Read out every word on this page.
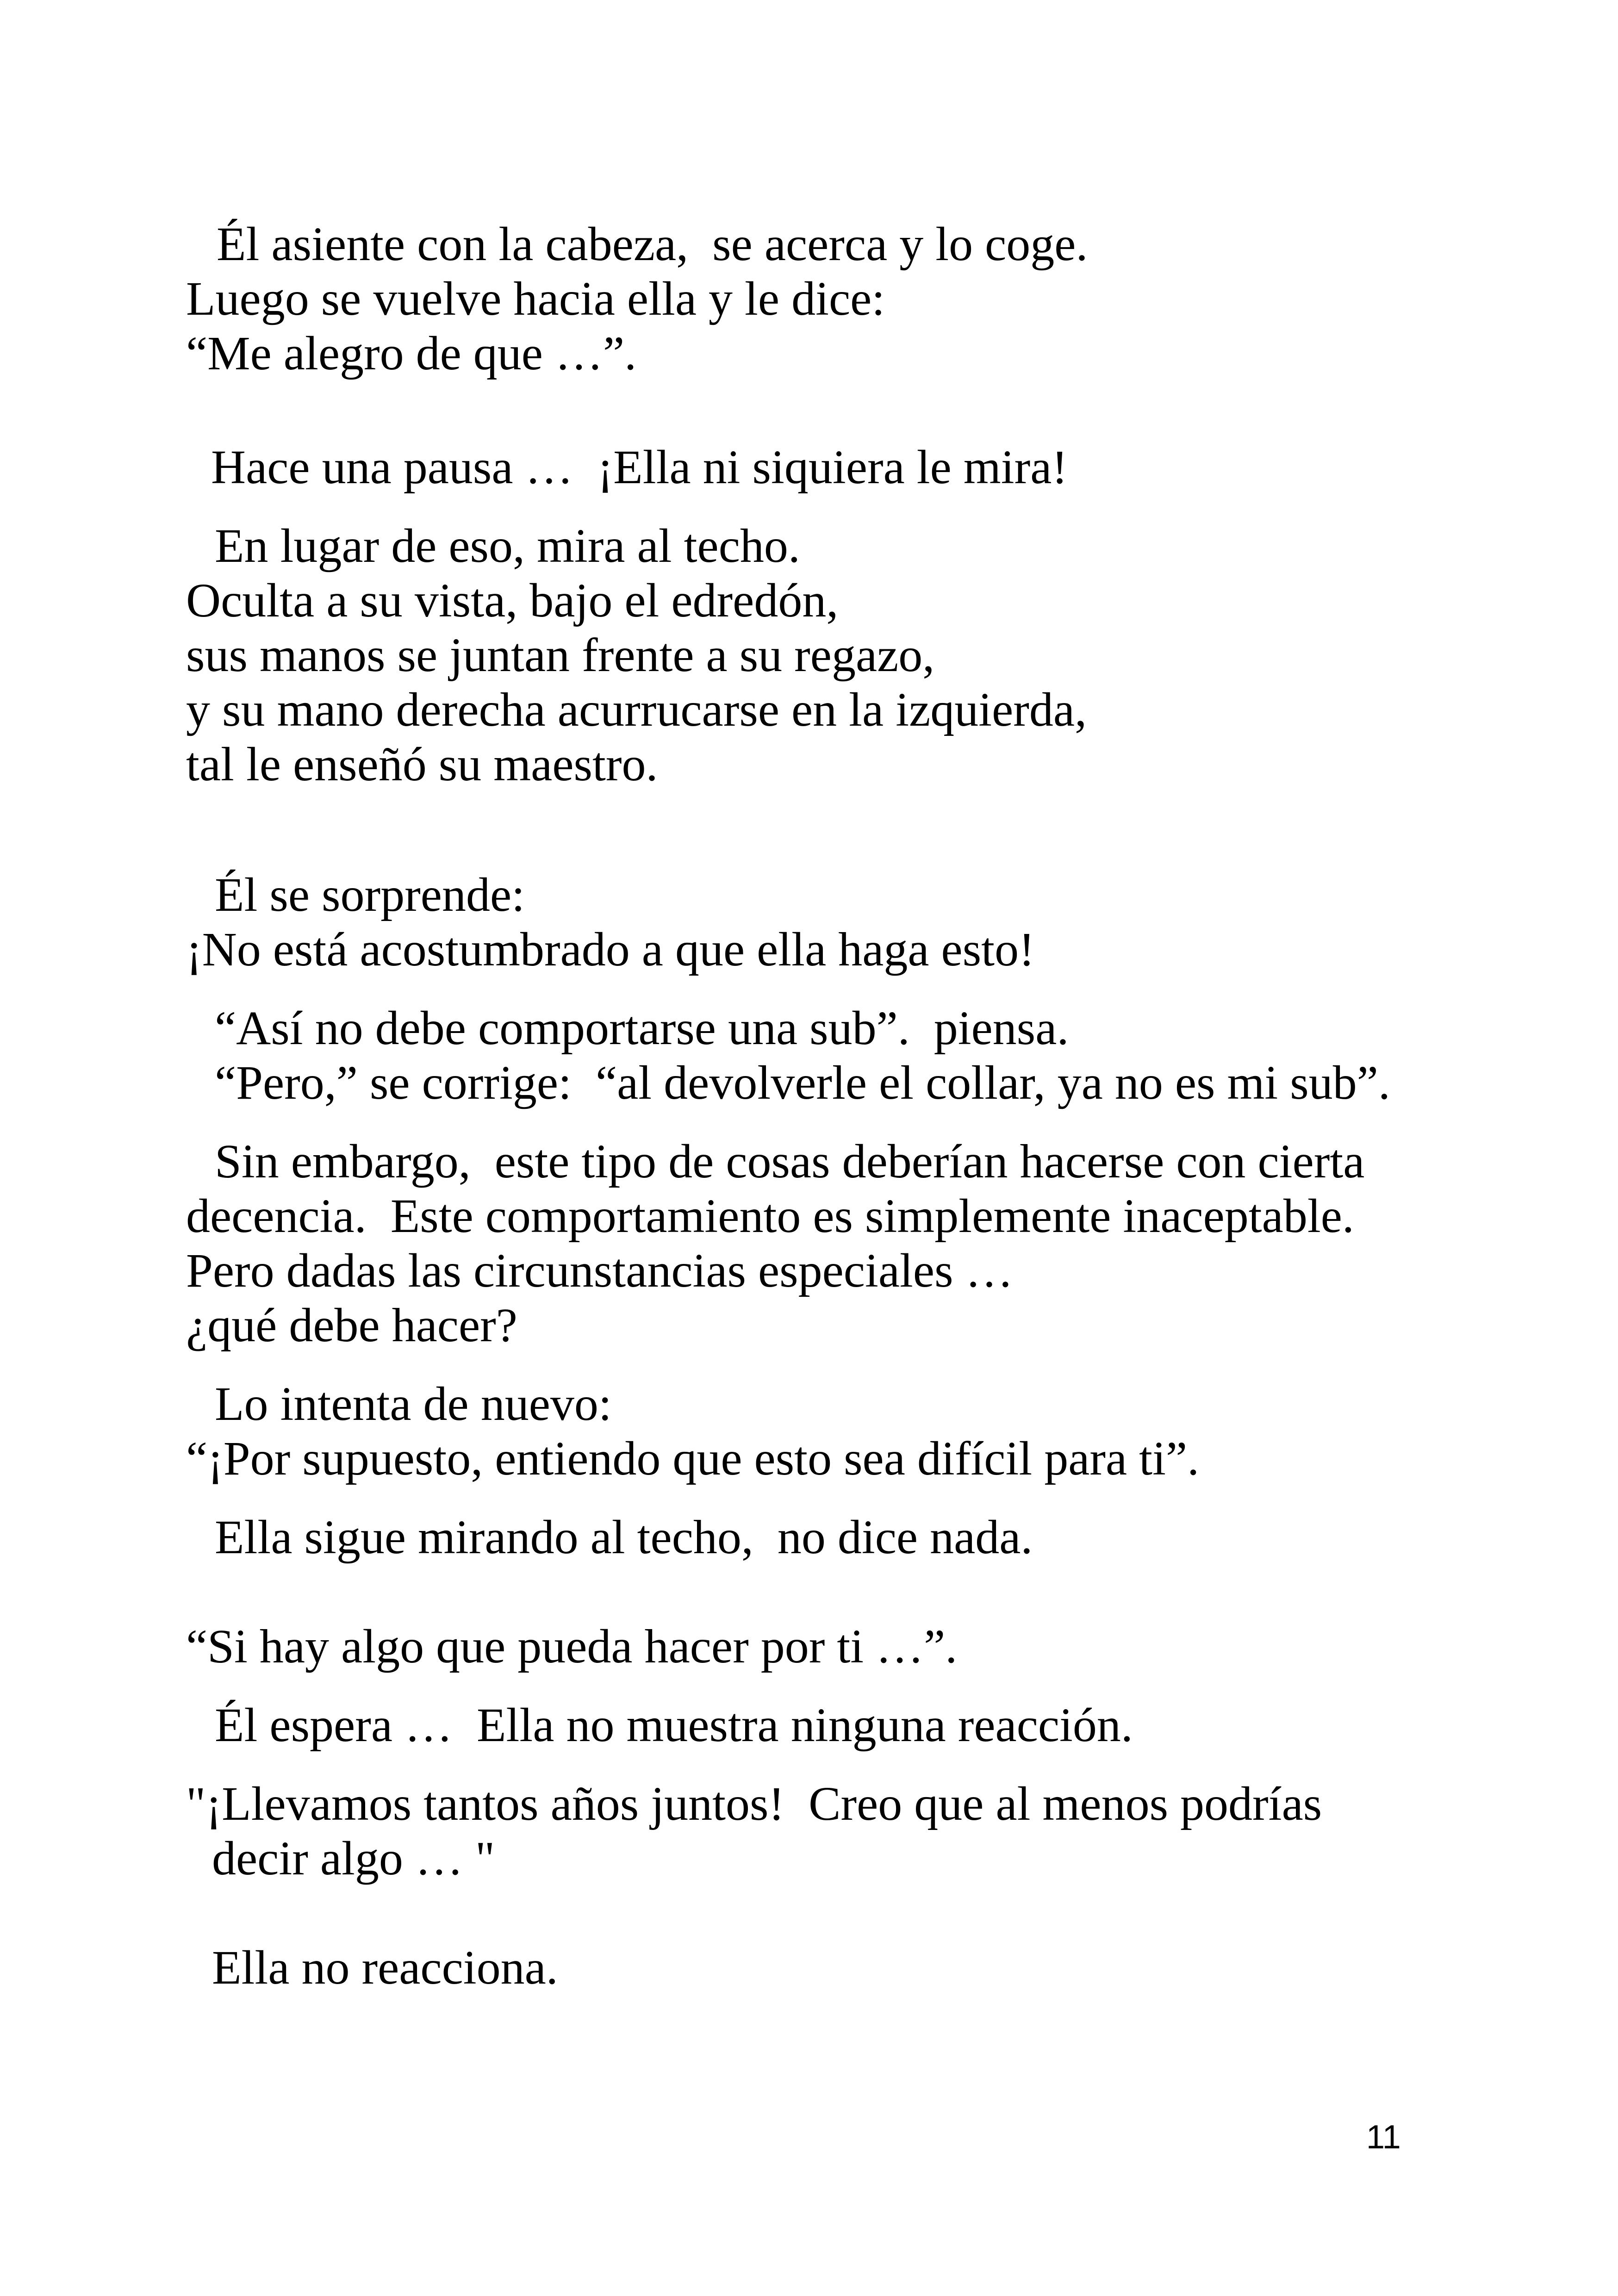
Él asiente con la cabeza,  se acerca y lo coge.
Luego se vuelve hacia ella y le dice:
“Me alegro de que …”.
Hace una pausa …  ¡Ella ni siquiera le mira!
En lugar de eso, mira al techo.
Oculta a su vista, bajo el edredón,
sus manos se juntan frente a su regazo,
y su mano derecha acurrucarse en la izquierda,
tal le enseñó su maestro.
Él se sorprende:
¡No está acostumbrado a que ella haga esto!
“Así no debe comportarse una sub”.  piensa.
“Pero,” se corrige:  “al devolverle el collar, ya no es mi sub”.
Sin embargo,  este tipo de cosas deberían hacerse con cierta
decencia.  Este comportamiento es simplemente inaceptable.
Pero dadas las circunstancias especiales …
¿qué debe hacer?
Lo intenta de nuevo:
“¡Por supuesto, entiendo que esto sea difícil para ti”.
Ella sigue mirando al techo,  no dice nada.
“Si hay algo que pueda hacer por ti …”.
Él espera …  Ella no muestra ninguna reacción.
"¡Llevamos tantos años juntos!  Creo que al menos podrías
decir algo … "
Ella no reacciona.
11
